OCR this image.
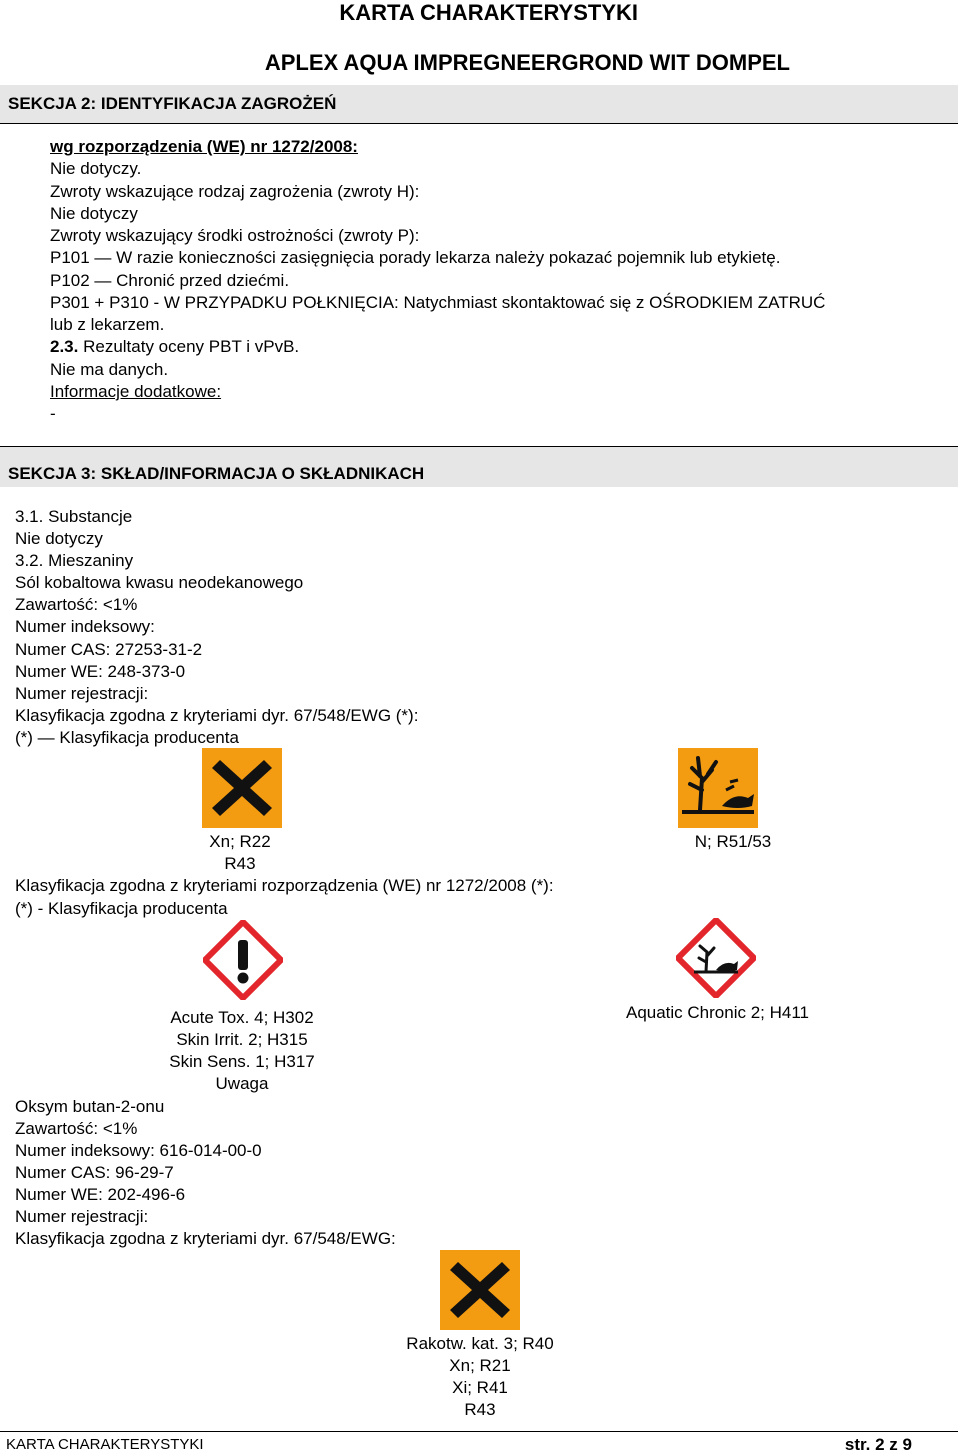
KARTA CHARAKTERYSTYKI
APLEX AQUA IMPREGNEERGROND WIT DOMPEL
SEKCJA 2: IDENTYFIKACJA ZAGROŻEŃ
wg rozporządzenia (WE) nr 1272/2008:
Nie dotyczy.
Zwroty wskazujące rodzaj zagrożenia (zwroty H):
Nie dotyczy
Zwroty wskazujący środki ostrożności (zwroty P):
P101 — W razie konieczności zasięgnięcia porady lekarza należy pokazać pojemnik lub etykietę.
P102 — Chronić przed dziećmi.
P301 + P310 - W PRZYPADKU POŁKNIĘCIA: Natychmiast skontaktować się z OŚRODKIEM ZATRUĆ
lub z lekarzem.
2.3. Rezultaty oceny PBT i vPvB.
Nie ma danych.
Informacje dodatkowe:
-
SEKCJA 3: SKŁAD/INFORMACJA O SKŁADNIKACH
3.1. Substancje
Nie dotyczy
3.2. Mieszaniny
Sól kobaltowa kwasu neodekanowego
Zawartość: <1%
Numer indeksowy:
Numer CAS: 27253-31-2
Numer WE: 248-373-0
Numer rejestracji:
Klasyfikacja zgodna z kryteriami dyr. 67/548/EWG (*):
(*) — Klasyfikacja producenta
Xn; R22
R43
N; R51/53
Klasyfikacja zgodna z kryteriami rozporządzenia (WE) nr 1272/2008 (*):
(*) - Klasyfikacja producenta
Acute Tox. 4; H302
Skin Irrit. 2; H315
Skin Sens. 1; H317
Uwaga
Aquatic Chronic 2; H411
Oksym butan-2-onu
Zawartość: <1%
Numer indeksowy: 616-014-00-0
Numer CAS: 96-29-7
Numer WE: 202-496-6
Numer rejestracji:
Klasyfikacja zgodna z kryteriami dyr. 67/548/EWG:
Rakotw. kat. 3; R40
Xn; R21
Xi; R41
R43
KARTA CHARAKTERYSTYKI	str. 2 z 9
